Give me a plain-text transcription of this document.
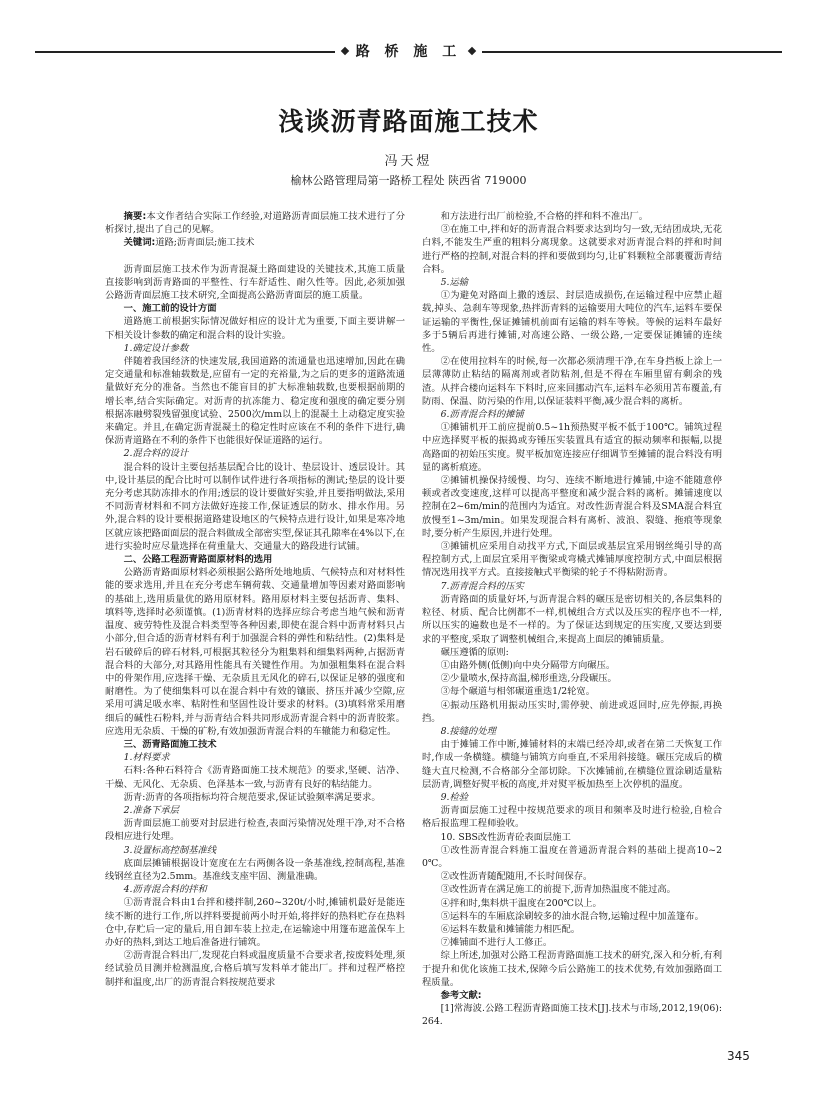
路 桥 施 工
浅谈沥青路面施工技术
冯天煜
榆林公路管理局第一路桥工程处 陕西省 719000

摘要:本文作者结合实际工作经验,对道路沥青面层施工技术进行了分析探讨,提出了自己的见解。

关键词:道路;沥青面层;施工技术

沥青面层施工技术作为沥青混凝土路面建设的关键技术,其施工质量直接影响到沥青路面的平整性、行车舒适性、耐久性等。因此,必须加强公路沥青面层施工技术研究,全面提高公路沥青面层的施工质量。

一、施工前的设计方面

道路施工前根据实际情况做好相应的设计尤为重要,下面主要讲解一下相关设计参数的确定和混合料的设计实验。

1.确定设计参数

伴随着我国经济的快速发展,我国道路的流通量也迅速增加,因此在确定交通量和标准轴载数是,应留有一定的充裕量,为之后的更多的道路流通量做好充分的准备。当然也不能盲目的扩大标准轴载数,也要根据前期的增长率,结合实际确定。对沥青的抗冻能力、稳定度和强度的确定要分别根据冻融劈裂残留强度试验、2500次/mm以上的混凝土上动稳定度实验来确定。并且,在确定沥青混凝土的稳定性时应该在不利的条件下进行,确保沥青道路在不利的条件下也能很好保证道路的运行。

2.混合料的设计

混合料的设计主要包括基层配合比的设计、垫层设计、透层设计。其中,设计基层的配合比时可以制作试件进行各项指标的测试;垫层的设计要充分考虑其防冻排水的作用;透层的设计要做好实验,并且要指明做法,采用不同沥青材料和不同方法做好连接工作,保证透层的防水、排水作用。另外,混合料的设计要根据道路建设地区的气候特点进行设计,如果是寒冷地区就应该把路面面层的混合料做成全部密实型,保证其孔隙率在4%以下,在进行实验时应尽量选择在荷重量大、交通量大的路段进行试铺。

二、公路工程沥青路面原材料的选用

公路沥青路面原材料必须根据公路所处地地质、气候特点和对材料性能的要求选用,并且在充分考虑车辆荷载、交通量增加等因素对路面影响的基础上,选用质量优的路用原材料。路用原材料主要包括沥青、集料、填料等,选择时必须谨慎。(1)沥青材料的选择应综合考虑当地气候和沥青温度、疲劳特性及混合料类型等各种因素,即使在混合料中沥青材料只占小部分,但合适的沥青材料有利于加强混合料的弹性和粘结性。(2)集料是岩石破碎后的碎石材料,可根据其粒径分为粗集料和细集料两种,占据沥青混合料的大部分,对其路用性能具有关键性作用。为加强粗集料在混合料中的骨架作用,应选择干燥、无杂质且无风化的碎石,以保证足够的强度和耐磨性。为了使细集料可以在混合料中有效的镶嵌、挤压并减少空隙,应采用可满足吸水率、粘附性和坚固性设计要求的材料。(3)填料常采用磨细后的碱性石粉料,并与沥青结合料共同形成沥青混合料中的沥青胶浆。应选用无杂质、干燥的矿粉,有效加强沥青混合料的车辙能力和稳定性。

三、沥青路面施工技术

1.材料要求

石料:各种石料符合《沥青路面施工技术规范》的要求,坚硬、洁净、干燥、无风化、无杂质、色泽基本一致,与沥青有良好的粘结能力。

沥青:沥青的各项指标均符合规范要求,保证试验频率满足要求。

2.准备下承层

沥青面层施工前要对封层进行检查,表面污染情况处理干净,对不合格段相应进行处理。

3.设置标高控制基准线

底面层摊铺根据设计宽度在左右两侧各设一条基准线,控制高程,基准线钢丝直径为2.5mm。基准线支座牢固、测量准确。

4.沥青混合料的拌和

①沥青混合料由1台拌和楼拌制,260~320t/小时,摊铺机最好是能连续不断的进行工作,所以拌料要提前两小时开始,将拌好的热料贮存在热料仓中,存贮后一定的量后,用自卸车装上拉走,在运输途中用篷布遮盖保车上办好的热料,到达工地后准备进行铺筑。

②沥青混合料出厂,发现花白料或温度质量不合要求者,按废料处理,须经试验员目测并检测温度,合格后填写发料单才能出厂。拌和过程严格控制拌和温度,出厂的沥青混合料按规范要求

和方法进行出厂前检验,不合格的拌和料不准出厂。

③在施工中,拌和好的沥青混合料要求达到均匀一致,无结团成块,无花白料,不能发生严重的粗料分离现象。这就要求对沥青混合料的拌和时间进行严格的控制,对混合料的拌和要做到均匀,让矿料颗粒全部裹覆沥青结合料。

5.运输

①为避免对路面上撒的透层、封层造成损伤,在运输过程中应禁止超载,掉头、急刹车等现象,热拌沥青料的运输要用大吨位的汽车,运料车要保证运输的平衡性,保证摊铺机前面有运输的料车等候。等候的运料车最好多于5辆后再进行摊铺,对高速公路、一级公路,一定要保证摊铺的连续性。

②在使用拉料车的时候,每一次都必须清理干净,在车身挡板上涂上一层薄薄防止粘结的隔离剂或者防粘剂,但是不得在车厢里留有剩余的残渣。从拌合楼向运料车下料时,应来回挪动汽车,运料车必须用苫布覆盖,有防雨、保温、防污染的作用,以保证装料平衡,减少混合料的离析。

6.沥青混合料的摊铺

①摊铺机开工前应提前0.5~1h预热熨平板不低于100℃。铺筑过程中应选择熨平板的振捣或夯锤压实装置具有适宜的振动频率和振幅,以提高路面的初始压实度。熨平板加宽连接应仔细调节至摊铺的混合料没有明显的离析痕迹。

②摊铺机操保持缓慢、均匀、连续不断地进行摊铺,中途不能随意停顿或者改变速度,这样可以提高平整度和减少混合料的离析。摊铺速度以控制在2~6m/min的范围内为适宜。对改性沥青混合料及SMA混合料宜放慢至1~3m/min。如果发现混合料有离析、波浪、裂缝、拖痕等现象时,要分析产生原因,并进行处理。

③摊铺机应采用自动找平方式,下面层或基层宜采用钢丝绳引导的高程控制方式,上面层宜采用平衡梁或弯橇式摊铺厚度控制方式,中面层根据情况选用找平方式。直接接触式平衡梁的轮子不得粘附沥青。

7.沥青混合料的压实

沥青路面的质量好坏,与沥青混合料的碾压是密切相关的,各层集料的粒径、材质、配合比例都不一样,机械组合方式以及压实的程序也不一样,所以压实的遍数也是不一样的。为了保证达到规定的压实度,又要达到要求的平整度,采取了调整机械组合,来提高上面层的摊铺质量。

碾压遵循的原则:

①由路外侧(低侧)向中央分隔带方向碾压。

②少量喷水,保持高温,梯形重迭,分段碾压。

③每个碾道与相邻碾道重迭1/2轮宽。

④振动压路机用振动压实时,需停驶、前进或返回时,应先停振,再换挡。

8.接缝的处理

由于摊铺工作中断,摊铺材料的末端已经冷却,或者在第二天恢复工作时,作成一条横缝。横缝与铺筑方向垂直,不采用斜接缝。碾压完成后的横缝大直尺检测,不合格部分全部切除。下次摊铺前,在横缝位置涂刷适量粘层沥青,调整好熨平板的高度,并对熨平板加热至上次停机的温度。

9.检验

沥青面层施工过程中按规范要求的项目和频率及时进行检验,自检合格后报监理工程师验收。

10. SBS改性沥青砼表面层施工

①改性沥青混合料施工温度在普通沥青混合料的基础上提高10~20℃。

②改性沥青随配随用,不长时间保存。

③改性沥青在满足施工的前提下,沥青加热温度不能过高。

④拌和时,集料烘干温度在200℃以上。

⑤运料车的车厢底涂刷较多的油水混合物,运输过程中加盖篷布。

⑥运料车数量和摊铺能力相匹配。

⑦摊铺面不进行人工修正。

综上所述,加强对公路工程沥青路面施工技术的研究,深入和分析,有利于提升和优化该施工技术,保障今后公路施工的技术优势,有效加强路面工程质量。

参考文献:

[1]常海波.公路工程沥青路面施工技术[J].技术与市场,2012,19(06):264.

345
